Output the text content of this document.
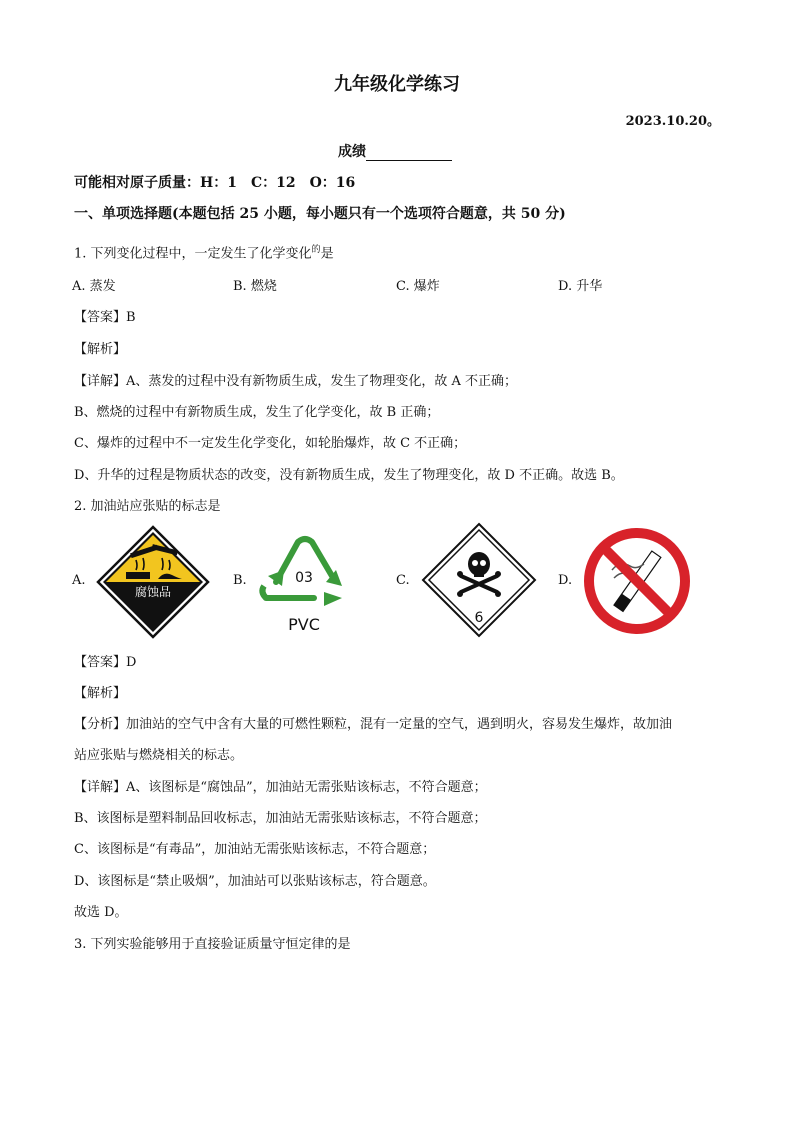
九年级化学练习
2023.10.20。
成绩
可能相对原子质量：H：1　C：12　O：16
一、单项选择题(本题包括 25 小题，每小题只有一个选项符合题意，共 50 分)
1. 下列变化过程中，一定发生了化学变化$^的$是
A. 蒸发	B. 燃烧	C. 爆炸	D. 升华
【答案】B
【解析】
【详解】A、蒸发的过程中没有新物质生成，发生了物理变化，故 A 不正确；
B、燃烧的过程中有新物质生成，发生了化学变化，故 B 正确；
C、爆炸的过程中不一定发生化学变化，如轮胎爆炸，故 C 不正确；
D、升华的过程是物质状态的改变，没有新物质生成，发生了物理变化，故 D 不正确。故选 B。
2. 加油站应张贴的标志是
A.
腐蚀品
B.	03
PVC
C.
6
D.
【答案】D
【解析】
【分析】加油站的空气中含有大量的可燃性颗粒，混有一定量的空气，遇到明火，容易发生爆炸，故加油
站应张贴与燃烧相关的标志。
【详解】A、该图标是“腐蚀品”，加油站无需张贴该标志，不符合题意；
B、该图标是塑料制品回收标志，加油站无需张贴该标志，不符合题意；
C、该图标是“有毒品”，加油站无需张贴该标志，不符合题意；
D、该图标是“禁止吸烟”，加油站可以张贴该标志，符合题意。
故选 D。
3. 下列实验能够用于直接验证质量守恒定律的是
